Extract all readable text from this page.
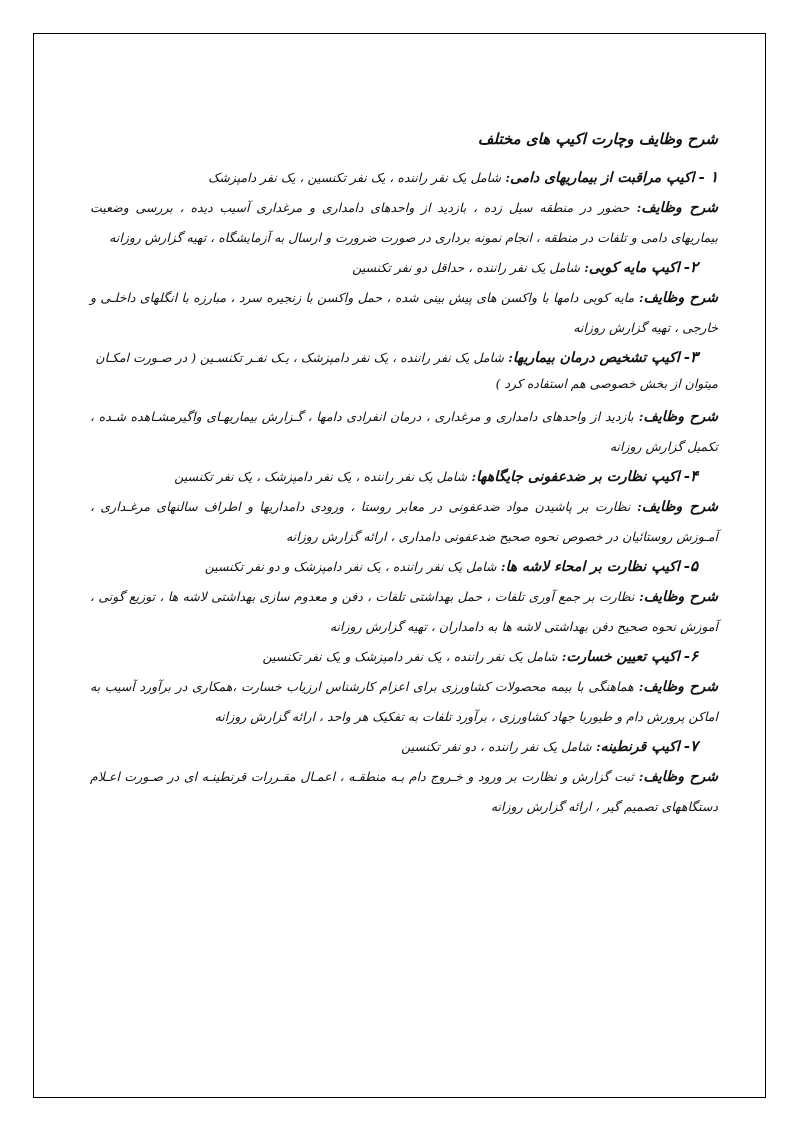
شرح وظایف وچارت اکیپ های مختلف
۱ - اکیپ مراقبت از بیماریهای دامی: شامل یک نفر راننده ، یک نفر تکنسین ، یک نفر دامپزشک
شرح وظایف: حضور در منطقه سیل زده ، بازدید از واحدهای دامداری و مرغداری آسیب دیده ، بررسی وضعیت بیماریهای دامی و تلفات در منطقه ، انجام نمونه برداری در صورت ضرورت و ارسال به آزمایشگاه ، تهیه گزارش روزانه
۲- اکیپ مایه کوبی: شامل یک نفر راننده ، حداقل دو نفر تکنسین
شرح وظایف: مایه کوبی دامها با واکسن های پیش بینی شده ، حمل واکسن با زنجیره سرد ، مبارزه با انگلهای داخلـی و خارجی ، تهیه گزارش روزانه
۳- اکیپ تشخیص درمان بیماریها: شامل یک نفر راننده ، یک نفر دامپزشک ، یـک نفـر تکنسـین ( در صـورت امکـان
میتوان از بخش خصوصی هم استفاده کرد )
شرح وظایف: بازدید از واحدهای دامداری و مرغداری ، درمان انفرادی دامها ، گـزارش بیماریهـای واگیرمشـاهده شـده ، تکمیل گزارش روزانه
۴- اکیپ نظارت بر ضدعفونی جایگاهها: شامل یک نفر راننده ، یک نفر دامپزشک ، یک نفر تکنسین
شرح وظایف: نظارت بر پاشیدن مواد ضدعفونی در معابر روستا ، ورودی دامداریها و اطراف سالنهای مرغـداری ، آمـوزش روستائیان در خصوص نحوه صحیح ضدعفونی دامداری ، ارائه گزارش روزانه
۵- اکیپ نظارت بر امحاء لاشه ها: شامل یک نفر راننده ، یک نفر دامپزشک و دو نفر تکنسین
شرح وظایف: نظارت بر جمع آوری تلفات ، حمل بهداشتی تلفات ، دفن و معدوم سازی بهداشتی لاشه ها ، توزیع گونی ، آموزش نحوه صحیح دفن بهداشتی لاشه ها به دامداران ، تهیه گزارش روزانه
۶- اکیپ تعیین خسارت: شامل یک نفر راننده ، یک نفر دامپزشک و یک نفر تکنسین
شرح وظایف: هماهنگی با بیمه محصولات کشاورزی برای اعزام کارشناس ارزیاب خسارت ،همکاری در برآورد آسیب به اماکن پرورش دام و طیوربا جهاد کشاورزی ، برآورد تلفات به تفکیک هر واحد ، ارائه گزارش روزانه
۷- اکیپ قرنطینه: شامل یک نفر راننده ، دو نفر تکنسین
شرح وظایف: ثبت گزارش و نظارت بر ورود و خـروج دام بـه منطقـه ، اعمـال مقـررات قرنطینـه ای در صـورت اعـلام دستگاههای تصمیم گیر ، ارائه گزارش روزانه
